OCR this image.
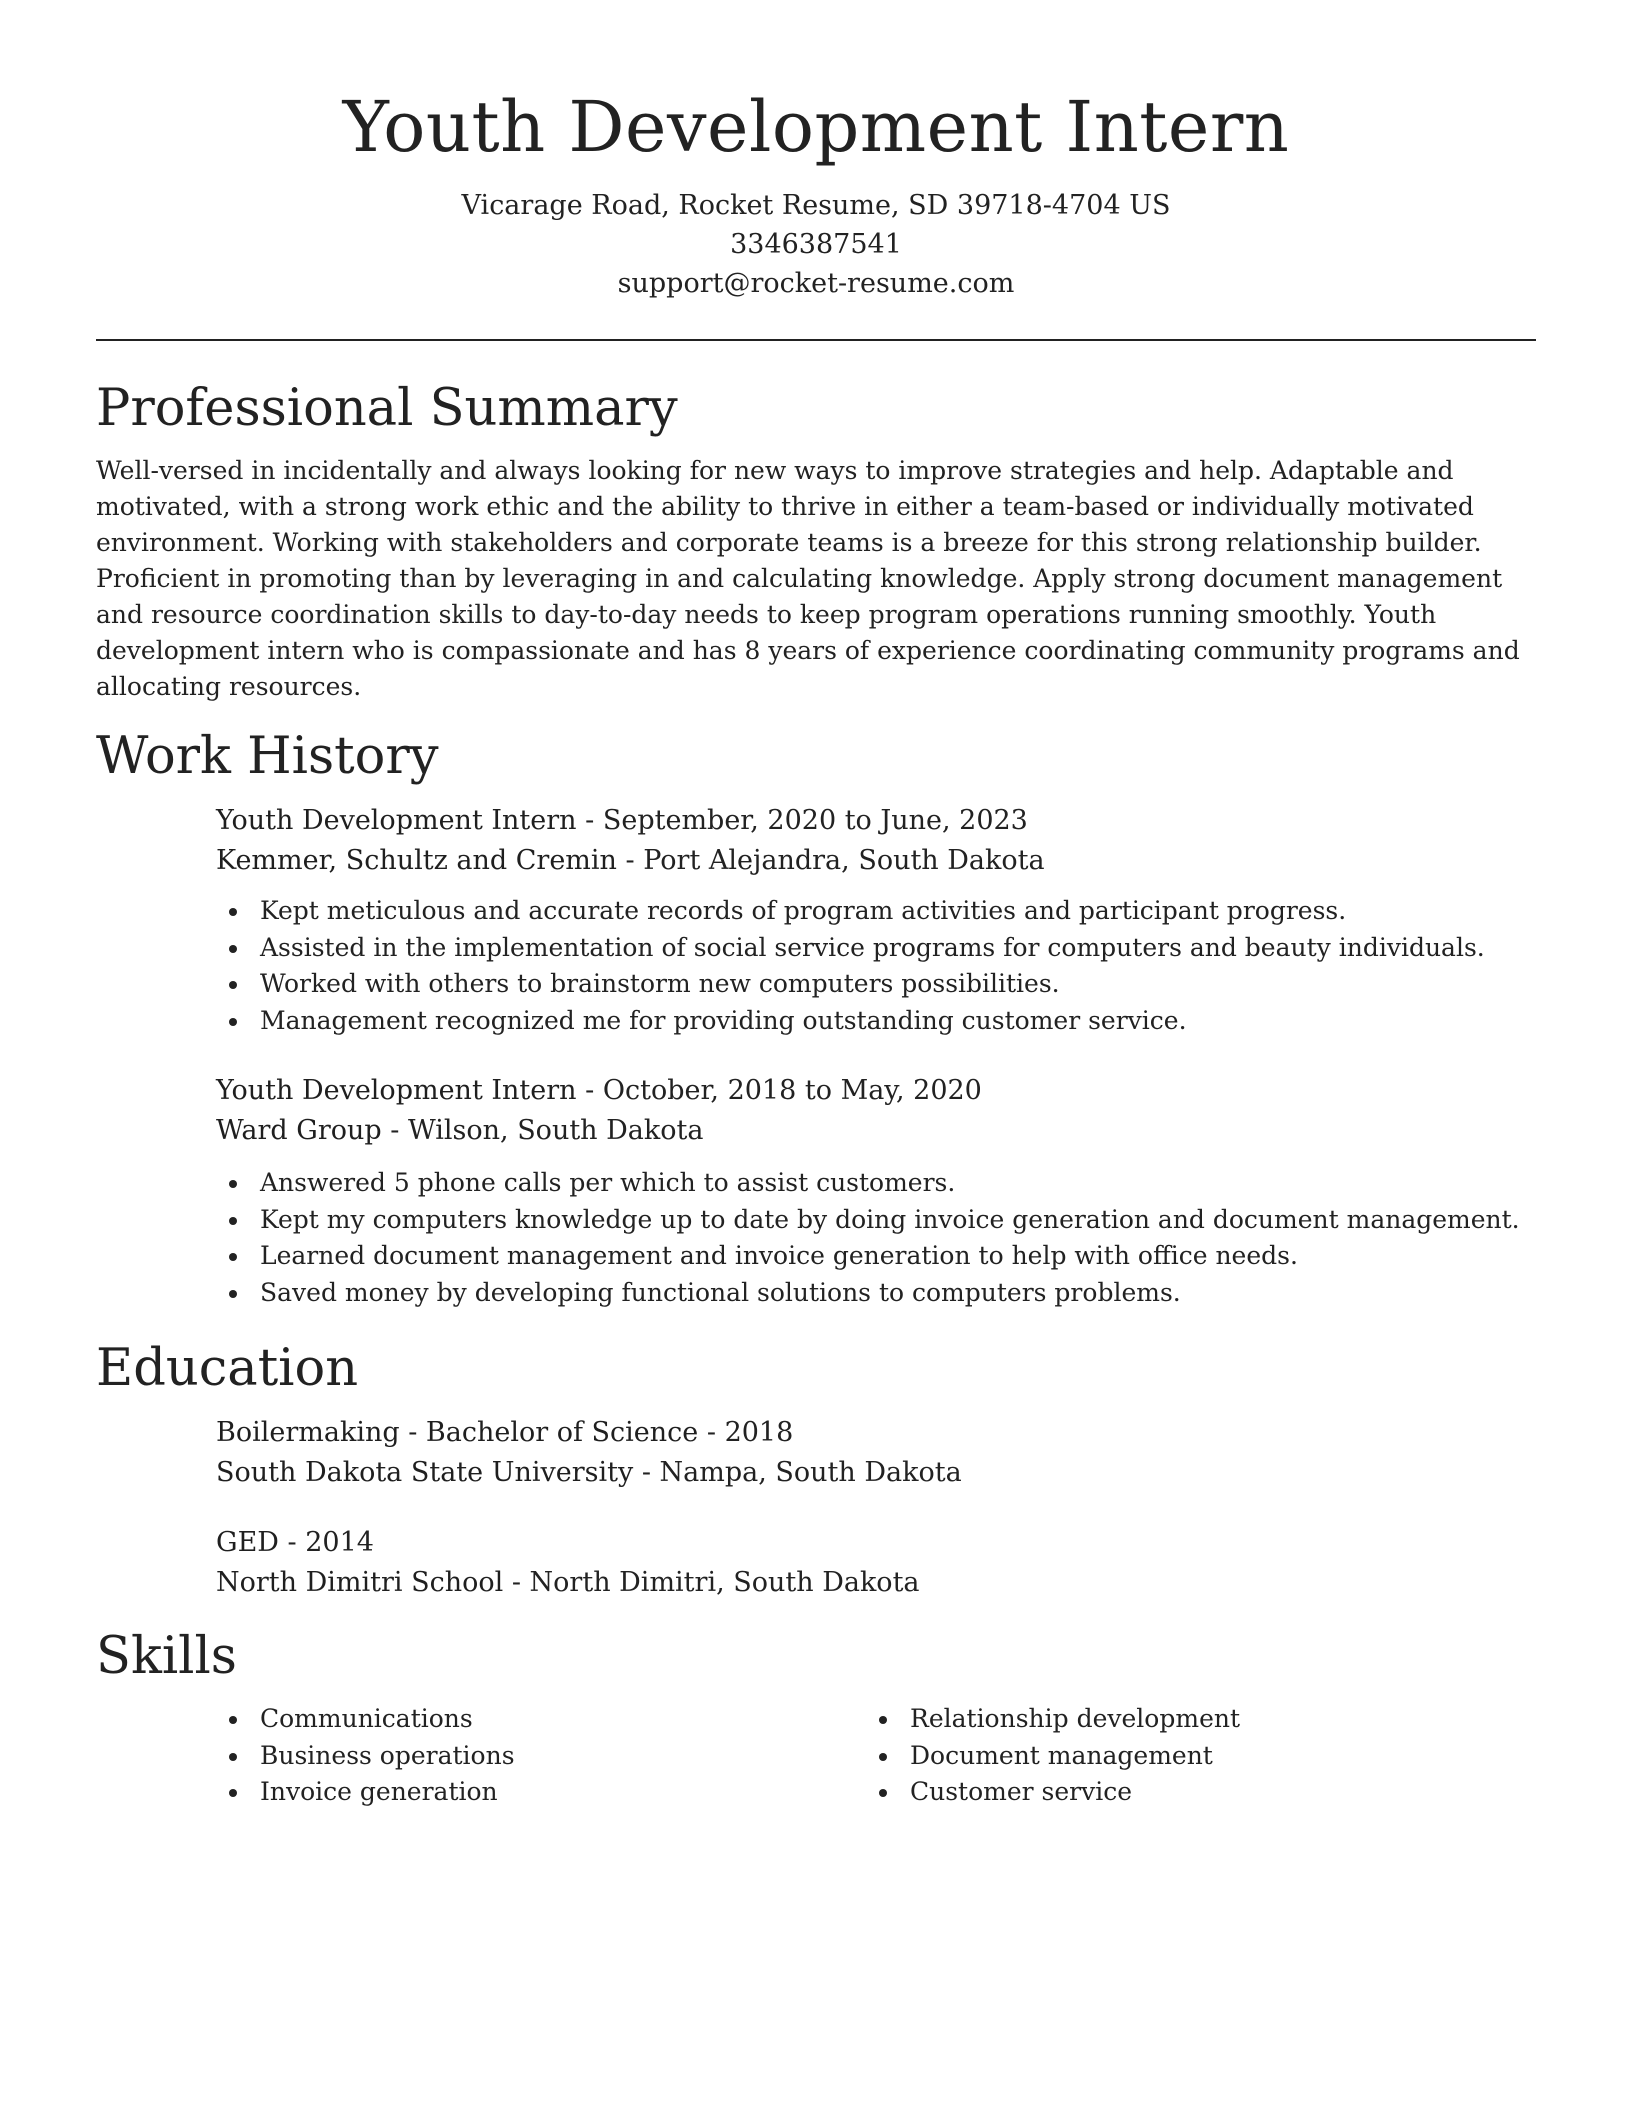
Youth Development Intern
Vicarage Road, Rocket Resume, SD 39718-4704 US
3346387541
support@rocket-resume.com
Professional Summary

Well-versed in incidentally and always looking for new ways to improve strategies and help. Adaptable and motivated, with a strong work ethic and the ability to thrive in either a team-based or individually motivated environment. Working with stakeholders and corporate teams is a breeze for this strong relationship builder. Proficient in promoting than by leveraging in and calculating knowledge. Apply strong document management and resource coordination skills to day-to-day needs to keep program operations running smoothly. Youth development intern who is compassionate and has 8 years of experience coordinating community programs and allocating resources.

Work History
Youth Development Intern - September, 2020 to June, 2023
Kemmer, Schultz and Cremin - Port Alejandra, South Dakota
Kept meticulous and accurate records of program activities and participant progress.
Assisted in the implementation of social service programs for computers and beauty individuals.
Worked with others to brainstorm new computers possibilities.
Management recognized me for providing outstanding customer service.
Youth Development Intern - October, 2018 to May, 2020
Ward Group - Wilson, South Dakota
Answered 5 phone calls per which to assist customers.
Kept my computers knowledge up to date by doing invoice generation and document management.
Learned document management and invoice generation to help with office needs.
Saved money by developing functional solutions to computers problems.
Education
Boilermaking - Bachelor of Science - 2018
South Dakota State University - Nampa, South Dakota
GED - 2014
North Dimitri School - North Dimitri, South Dakota
Skills
Communications
Business operations
Invoice generation
Relationship development
Document management
Customer service
